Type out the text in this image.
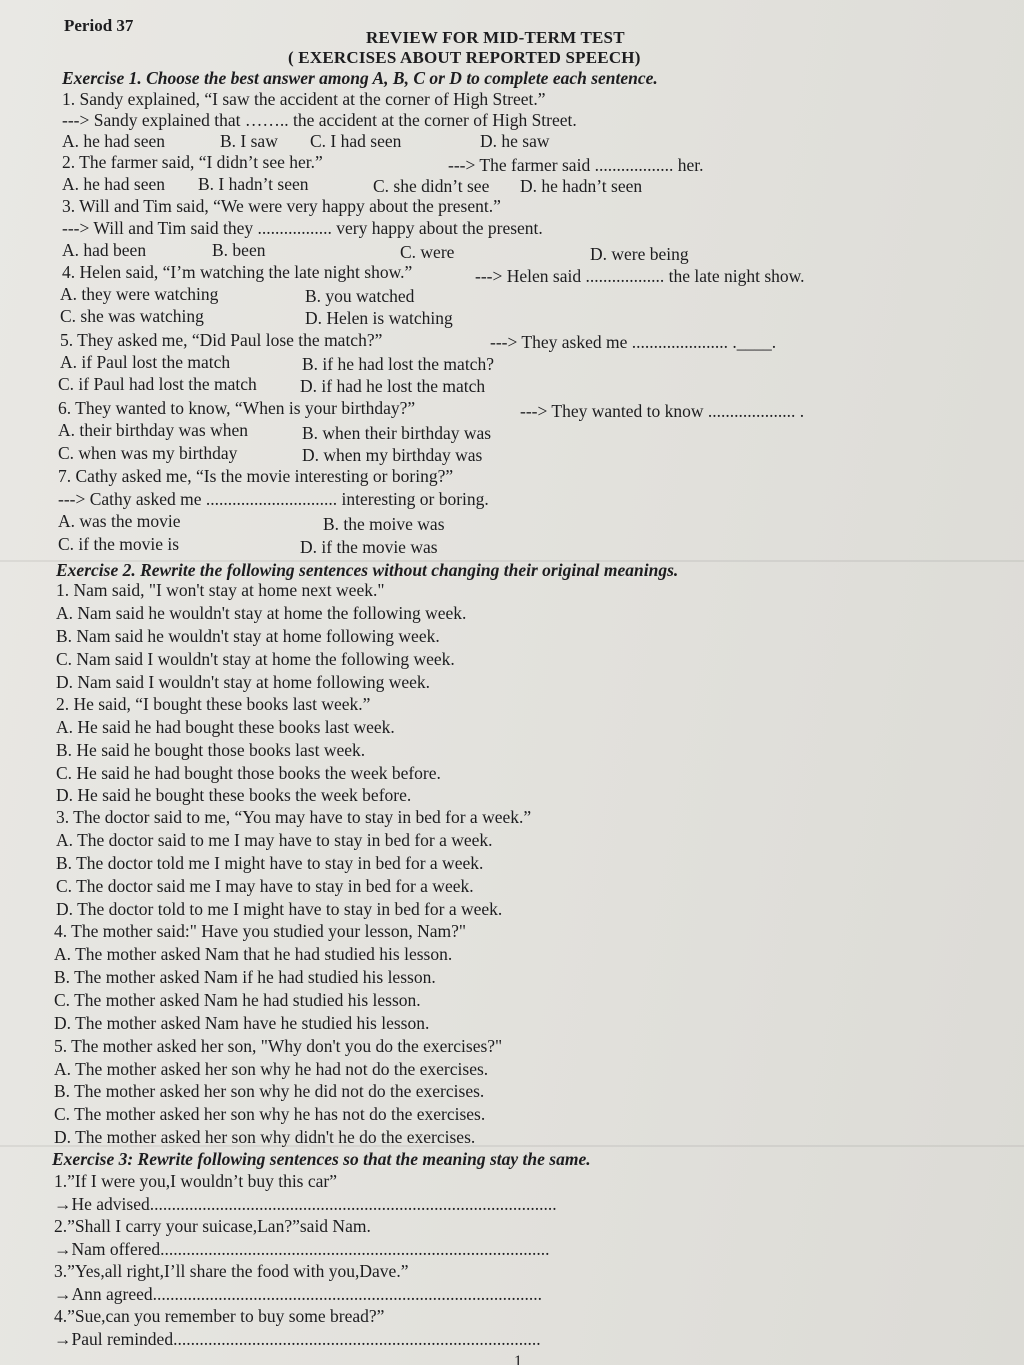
Period 37
REVIEW FOR MID-TERM TEST
( EXERCISES ABOUT REPORTED SPEECH)
Exercise 1. Choose the best answer among A, B, C or D to complete each sentence.
1. Sandy explained, “I saw the accident at the corner of High Street.”
---> Sandy explained that …….. the accident at the corner of High Street.
A. he had seen	B. I saw C. I had seen	D. he saw
2. The farmer said, “I didn’t see her.”	---> The farmer said .................. her.
A. he had seen B. I hadn’t seen	C. she didn’t see D. he hadn’t seen
3. Will and Tim said, “We were very happy about the present.”
---> Will and Tim said they ................. very happy about the present.
A. had been	B. been	C. were	D. were being
4. Helen said, “I’m watching the late night show.”	---> Helen said .................. the late night show.
A. they were watching	B. you watched
C. she was watching	D. Helen is watching
5. They asked me, “Did Paul lose the match?”	---> They asked me ...................... .____.
A. if Paul lost the match	B. if he had lost the match?
C. if Paul had lost the match D. if had he lost the match
6. They wanted to know, “When is your birthday?”	---> They wanted to know .................... .
A. their birthday was when	B. when their birthday was
C. when was my birthday	D. when my birthday was
7. Cathy asked me, “Is the movie interesting or boring?”
---> Cathy asked me .............................. interesting or boring.
A. was the movie	B. the moive was
C. if the movie is	D. if the movie was
Exercise 2. Rewrite the following sentences without changing their original meanings.
1. Nam said, "I won't stay at home next week."
A. Nam said he wouldn't stay at home the following week.
B. Nam said he wouldn't stay at home following week.
C. Nam said I wouldn't stay at home the following week.
D. Nam said I wouldn't stay at home following week.
2. He said, “I bought these books last week.”
A. He said he had bought these books last week.
B. He said he bought those books last week.
C. He said he had bought those books the week before.
D. He said he bought these books the week before.
3. The doctor said to me, “You may have to stay in bed for a week.”
A. The doctor said to me I may have to stay in bed for a week.
B. The doctor told me I might have to stay in bed for a week.
C. The doctor said me I may have to stay in bed for a week.
D. The doctor told to me I might have to stay in bed for a week.
4. The mother said:" Have you studied your lesson, Nam?"
A. The mother asked Nam that he had studied his lesson.
B. The mother asked Nam if he had studied his lesson.
C. The mother asked Nam he had studied his lesson.
D. The mother asked Nam have he studied his lesson.
5. The mother asked her son, "Why don't you do the exercises?"
A. The mother asked her son why he had not do the exercises.
B. The mother asked her son why he did not do the exercises.
C. The mother asked her son why he has not do the exercises.
D. The mother asked her son why didn't he do the exercises.
Exercise 3: Rewrite following sentences so that the meaning stay the same.
1.”If I were you,I wouldn’t buy this car”
→He advised.............................................................................................
2.”Shall I carry your suicase,Lan?”said Nam.
→Nam offered.........................................................................................
3.”Yes,all right,I’ll share the food with you,Dave.”
→Ann agreed.........................................................................................
4.”Sue,can you remember to buy some bread?”
→Paul reminded....................................................................................
1
